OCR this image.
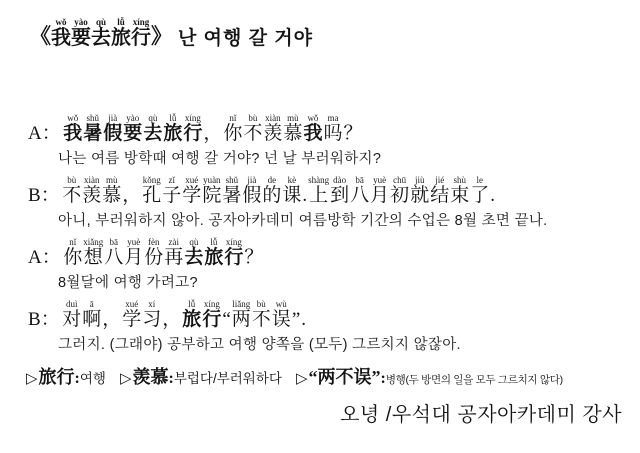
《我wǒ要yào去qù旅lǚ行xíng》 난 여행 갈 거야
A： 我wǒ暑shǔ假jià要yào去qù旅lǚ行xíng， 你nǐ不bù羡xiàn慕mù我wǒ吗ma？
나는 여름 방학때 여행 갈 거야? 넌 날 부러워하지?
B： 不bù羡xiàn慕mù， 孔kǒng子zǐ学xué院yuàn暑shǔ假jià的de课kè. 上shàng到dào八bā月yuè初chū就jiù结jié束shù了le.
아니, 부러워하지 않아. 공자아카데미 여름방학 기간의 수업은 8월 초면 끝나.
A： 你nǐ想xiǎng八bā月yuè份fèn再zài去qù旅lǚ行xíng？
8월달에 여행 가려고?
B： 对duì啊ā， 学xué习xí， 旅lǚ行xíng“ 两liǎng不bù误wù” .
그러지. (그래야) 공부하고 여행 양쪽을 (모두) 그르치지 않잖아.
▷ 旅行 : 여행 ▷ 羡慕 : 부럽다/부러워하다 ▷ “两不误” : 병행(두 방면의 일을 모두 그르치지 않다)
오녕 /우석대 공자아카데미 강사
